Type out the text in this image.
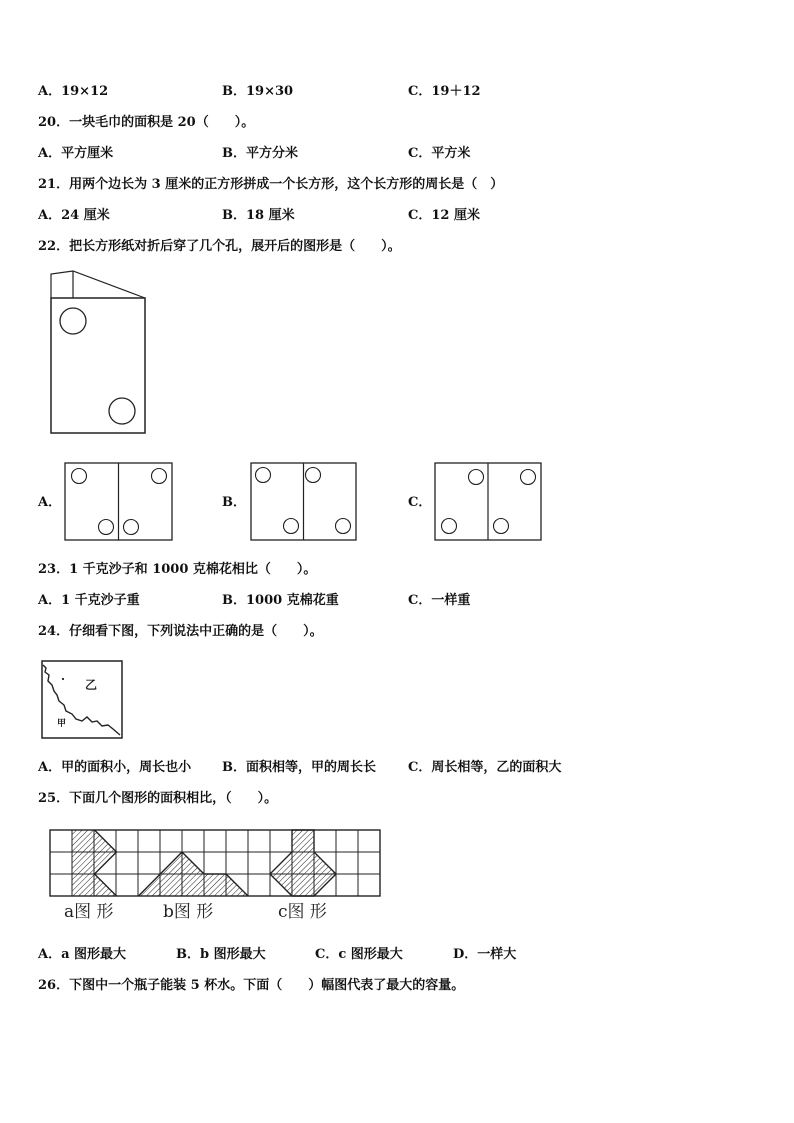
A．19×12	B．19×30	C．19＋12
20．一块毛巾的面积是 20（　　）。
A．平方厘米	B．平方分米	C．平方米
21．用两个边长为 3 厘米的正方形拼成一个长方形，这个长方形的周长是（　）
A．24 厘米	B．18 厘米	C．12 厘米
22．把长方形纸对折后穿了几个孔，展开后的图形是（　　）。
A．	B．	C．
23．1 千克沙子和 1000 克棉花相比（　　）。
A．1 千克沙子重	B．1000 克棉花重	C．一样重
24．仔细看下图，下列说法中正确的是（　　）。
乙
甲
A．甲的面积小，周长也小 B．面积相等，甲的周长长 C．周长相等，乙的面积大
25．下面几个图形的面积相比，（　　）。
a图 形	b图 形	c图 形
A．a 图形最大	B．b 图形最大	C．c 图形最大	D．一样大
26．下图中一个瓶子能装 5 杯水。下面（　　）幅图代表了最大的容量。
